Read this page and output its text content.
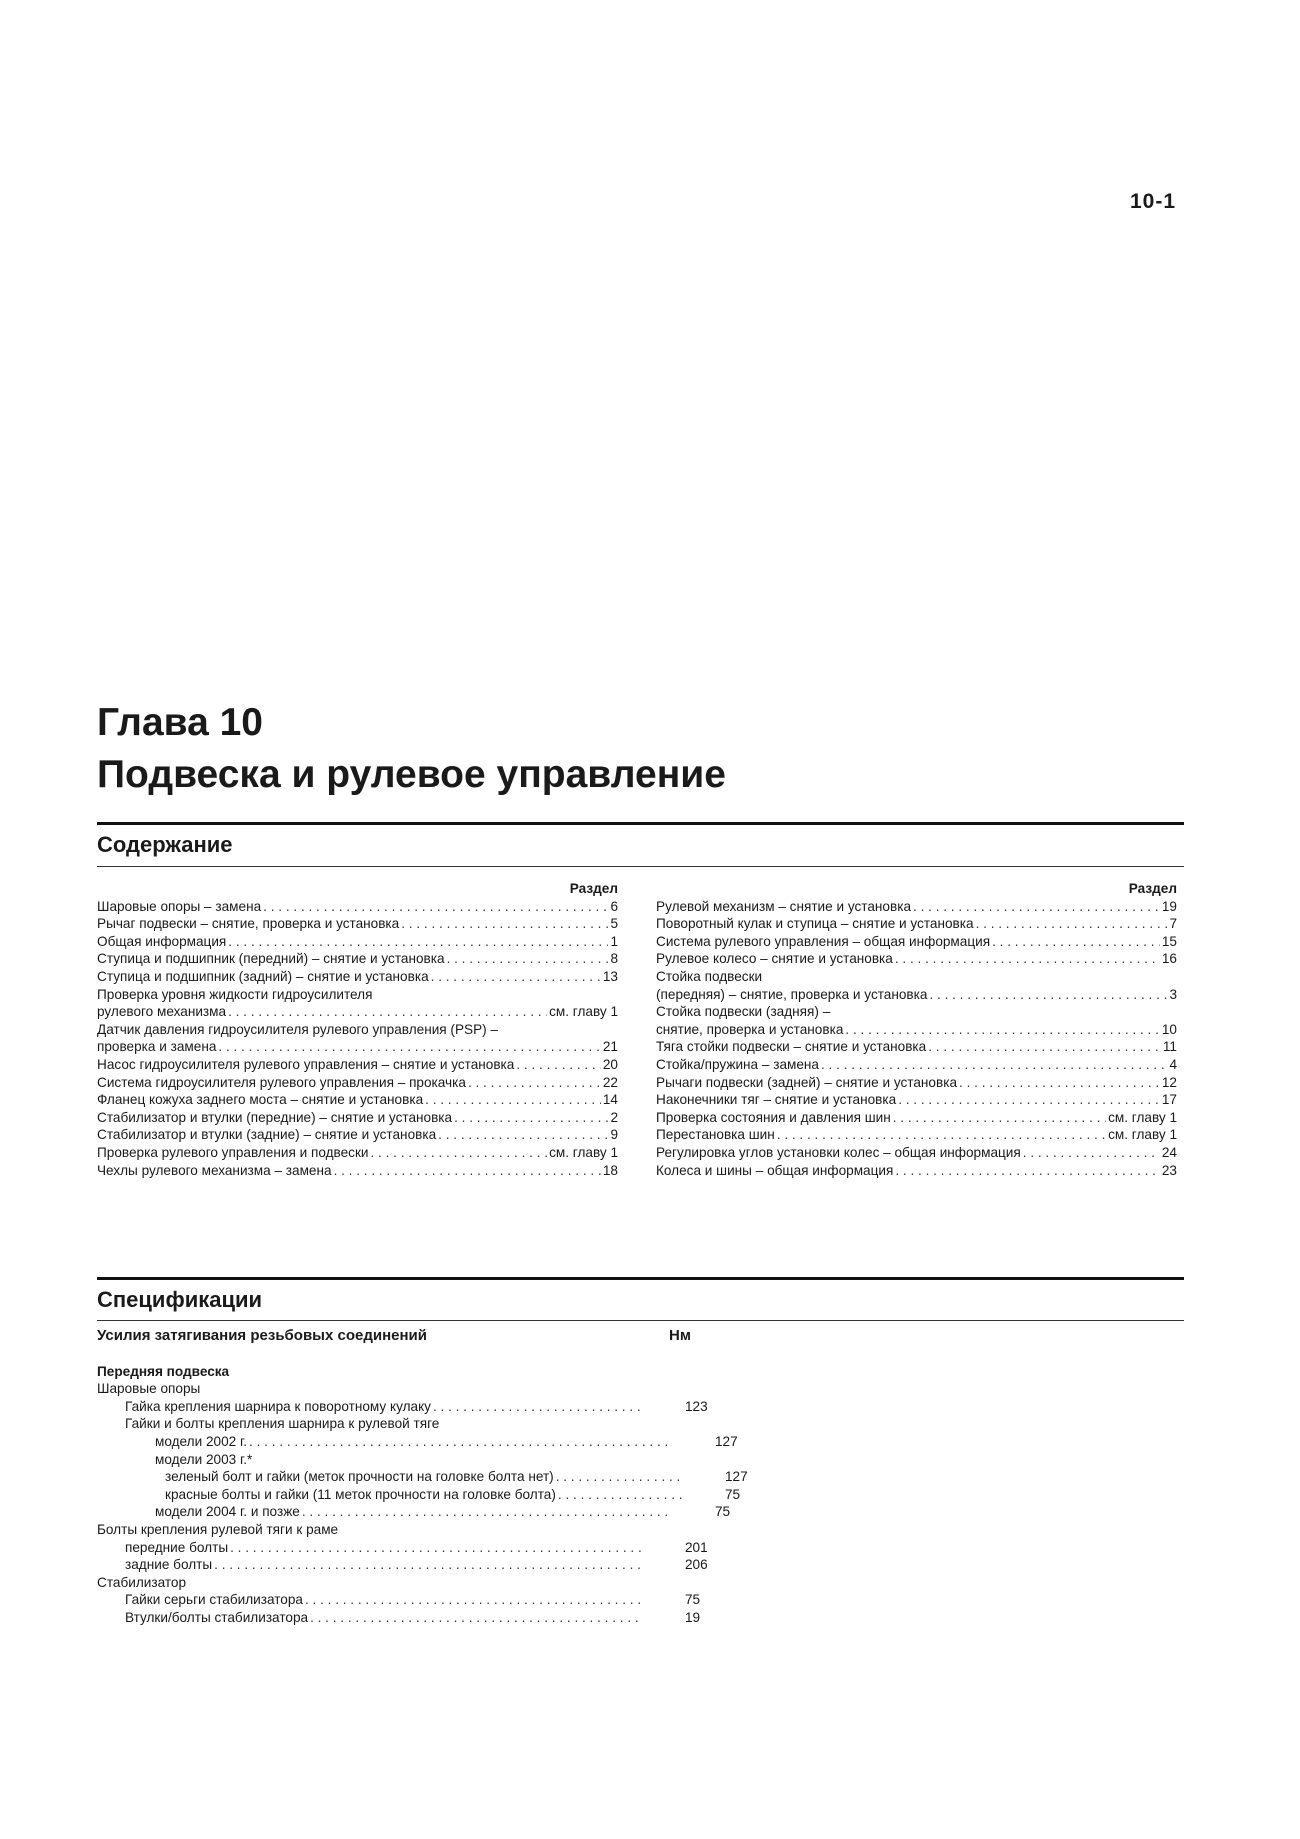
10-1
Глава 10
Подвеска и рулевое управление
Содержание
Раздел
Шаровые опоры – замена . . .	6
Рычаг подвески – снятие, проверка и установка . . .	5
Общая информация . . .	1
Ступица и подшипник (передний) – снятие и установка . . .	8
Ступица и подшипник (задний) – снятие и установка . . .	13
Проверка уровня жидкости гидроусилителя
рулевого механизма . . .	см. главу 1
Датчик давления гидроусилителя рулевого управления (PSP) –
проверка и замена . . .	21
Насос гидроусилителя рулевого управления – снятие и установка . . .	20
Система гидроусилителя рулевого управления – прокачка . . .	22
Фланец кожуха заднего моста – снятие и установка . . .	14
Стабилизатор и втулки (передние) – снятие и установка . . .	2
Стабилизатор и втулки (задние) – снятие и установка . . .	9
Проверка рулевого управления и подвески . . .	см. главу 1
Чехлы рулевого механизма – замена . . .	18
Раздел
Рулевой механизм – снятие и установка . . .	19
Поворотный кулак и ступица – снятие и установка . . .	7
Система рулевого управления – общая информация . . .	15
Рулевое колесо – снятие и установка . . .	16
Стойка подвески
(передняя) – снятие, проверка и установка . . .	3
Стойка подвески (задняя) –
снятие, проверка и установка . . .	10
Тяга стойки подвески – снятие и установка . . .	11
Стойка/пружина – замена . . .	4
Рычаги подвески (задней) – снятие и установка . . .	12
Наконечники тяг – снятие и установка . . .	17
Проверка состояния и давления шин . . .	см. главу 1
Перестановка шин . . .	см. главу 1
Регулировка углов установки колес – общая информация . . .	24
Колеса и шины – общая информация . . .	23
Спецификации
Усилия затягивания резьбовых соединений	Нм
Передняя подвеска
Шаровые опоры
Гайка крепления шарнира к поворотному кулаку . . .	123
Гайки и болты крепления шарнира к рулевой тяге
модели 2002 г. . . .	127
модели 2003 г.*
зеленый болт и гайки (меток прочности на головке болта нет) . . .	127
красные болты и гайки (11 меток прочности на головке болта) . . .	75
модели 2004 г. и позже . . .	75
Болты крепления рулевой тяги к раме
передние болты . . .	201
задние болты . . .	206
Стабилизатор
Гайки серьги стабилизатора . . .	75
Втулки/болты стабилизатора . . .	19
